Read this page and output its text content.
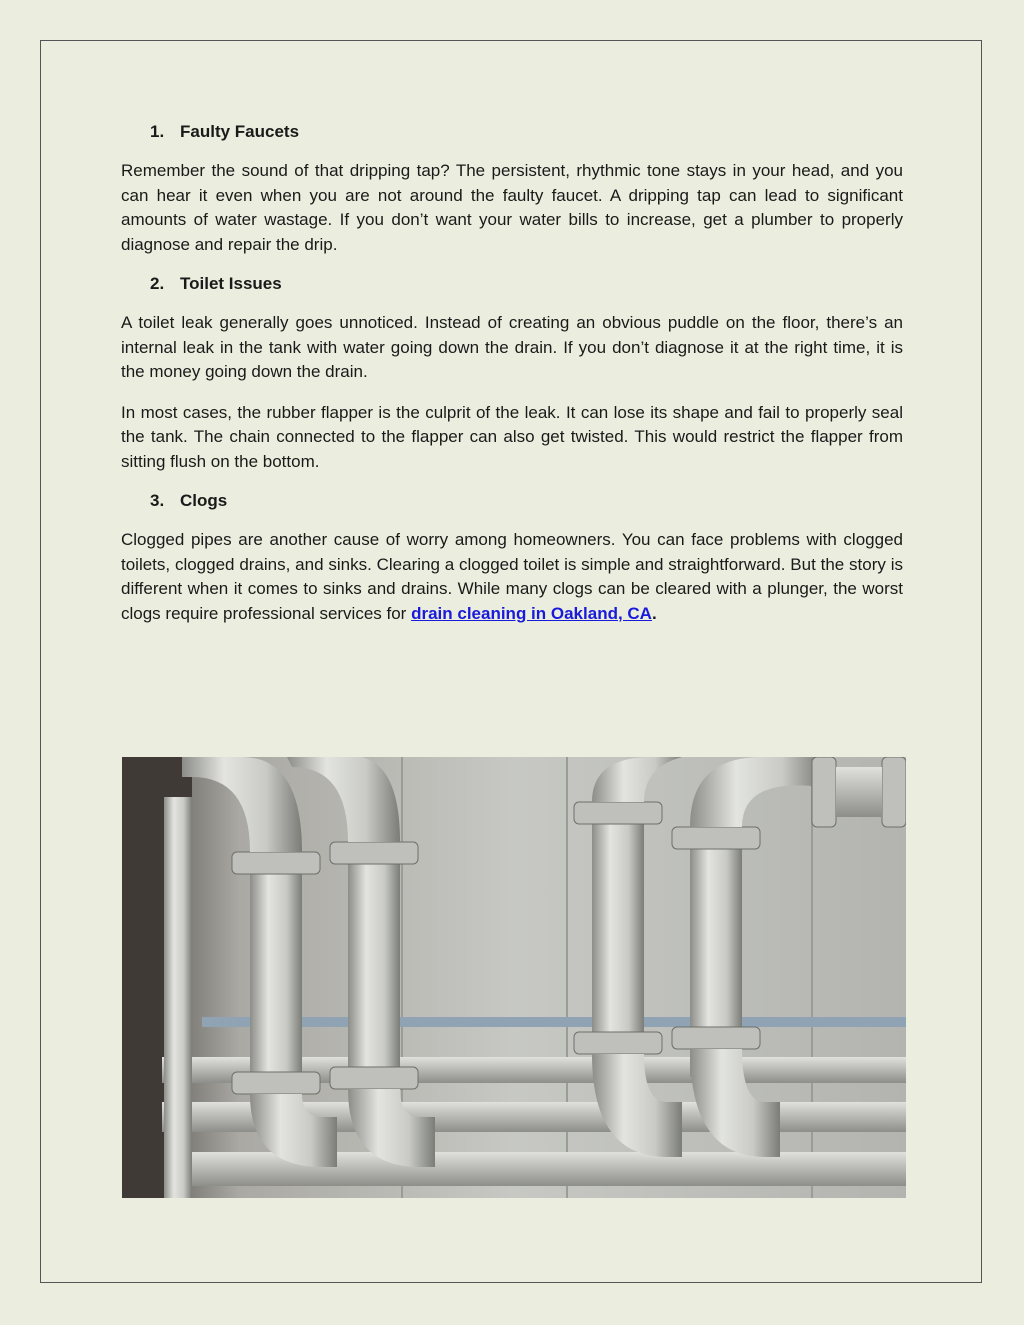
1. Faulty Faucets

Remember the sound of that dripping tap? The persistent, rhythmic tone stays in your head, and you can hear it even when you are not around the faulty faucet. A dripping tap can lead to significant amounts of water wastage. If you don’t want your water bills to increase, get a plumber to properly diagnose and repair the drip.

2. Toilet Issues

A toilet leak generally goes unnoticed. Instead of creating an obvious puddle on the floor, there’s an internal leak in the tank with water going down the drain. If you don’t diagnose it at the right time, it is the money going down the drain.

In most cases, the rubber flapper is the culprit of the leak. It can lose its shape and fail to properly seal the tank. The chain connected to the flapper can also get twisted. This would restrict the flapper from sitting flush on the bottom.

3. Clogs

Clogged pipes are another cause of worry among homeowners. You can face problems with clogged toilets, clogged drains, and sinks. Clearing a clogged toilet is simple and straightforward. But the story is different when it comes to sinks and drains. While many clogs can be cleared with a plunger, the worst clogs require professional services for drain cleaning in Oakland, CA.
